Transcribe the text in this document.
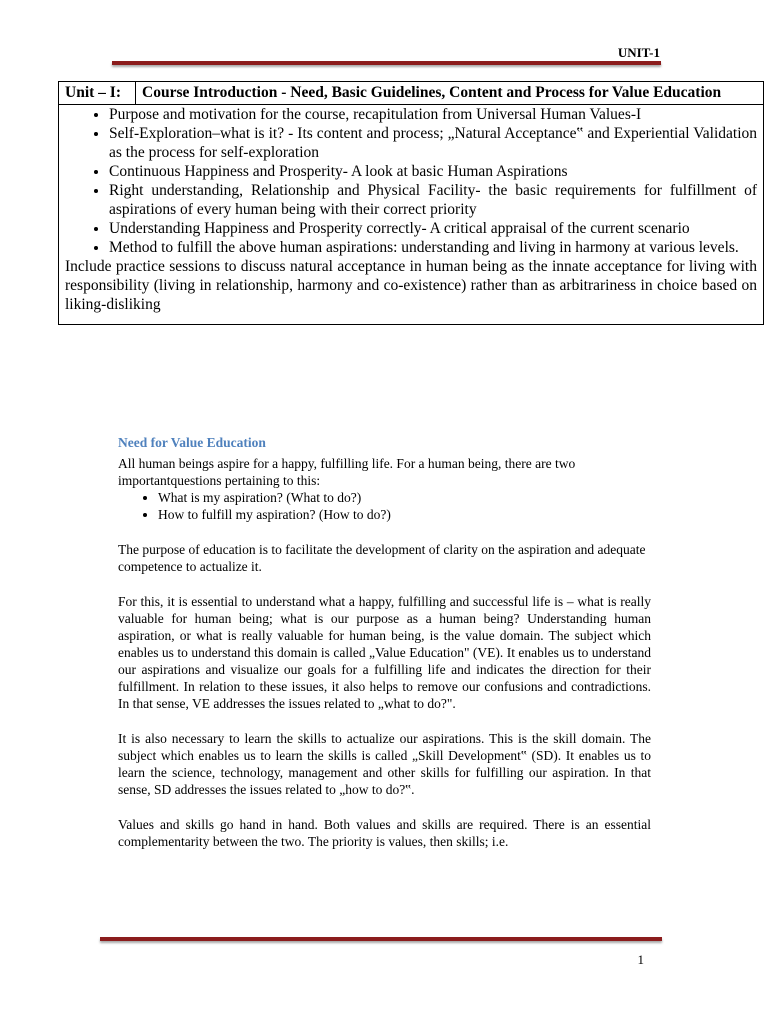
UNIT-1
Unit – I:	Course Introduction - Need, Basic Guidelines, Content and Process for Value Education

• Purpose and motivation for the course, recapitulation from Universal Human Values-I
• Self-Exploration–what is it? - Its content and process; „Natural Acceptance‟ and Experiential Validation as the process for self-exploration
• Continuous Happiness and Prosperity- A look at basic Human Aspirations
• Right understanding, Relationship and Physical Facility- the basic requirements for fulfillment of aspirations of every human being with their correct priority
• Understanding Happiness and Prosperity correctly- A critical appraisal of the current scenario
• Method to fulfill the above human aspirations: understanding and living in harmony at various levels.

Include practice sessions to discuss natural acceptance in human being as the innate acceptance for living with responsibility (living in relationship, harmony and co-existence) rather than as arbitrariness in choice based on liking-disliking

Need for Value Education

All human beings aspire for a happy, fulfilling life. For a human being, there are two importantquestions pertaining to this:

• What is my aspiration? (What to do?)
• How to fulfill my aspiration? (How to do?)

The purpose of education is to facilitate the development of clarity on the aspiration and adequate competence to actualize it.

For this, it is essential to understand what a happy, fulfilling and successful life is – what is really valuable for human being; what is our purpose as a human being? Understanding human aspiration, or what is really valuable for human being, is the value domain. The subject which enables us to understand this domain is called „Value Education" (VE). It enables us to understand our aspirations and visualize our goals for a fulfilling life and indicates the direction for their fulfillment. In relation to these issues, it also helps to remove our confusions and contradictions. In that sense, VE addresses the issues related to „what to do?".

It is also necessary to learn the skills to actualize our aspirations. This is the skill domain. The subject which enables us to learn the skills is called „Skill Development‟ (SD). It enables us to learn the science, technology, management and other skills for fulfilling our aspiration. In that sense, SD addresses the issues related to „how to do?‟.

Values and skills go hand in hand. Both values and skills are required. There is an essential complementarity between the two. The priority is values, then skills; i.e.

1
